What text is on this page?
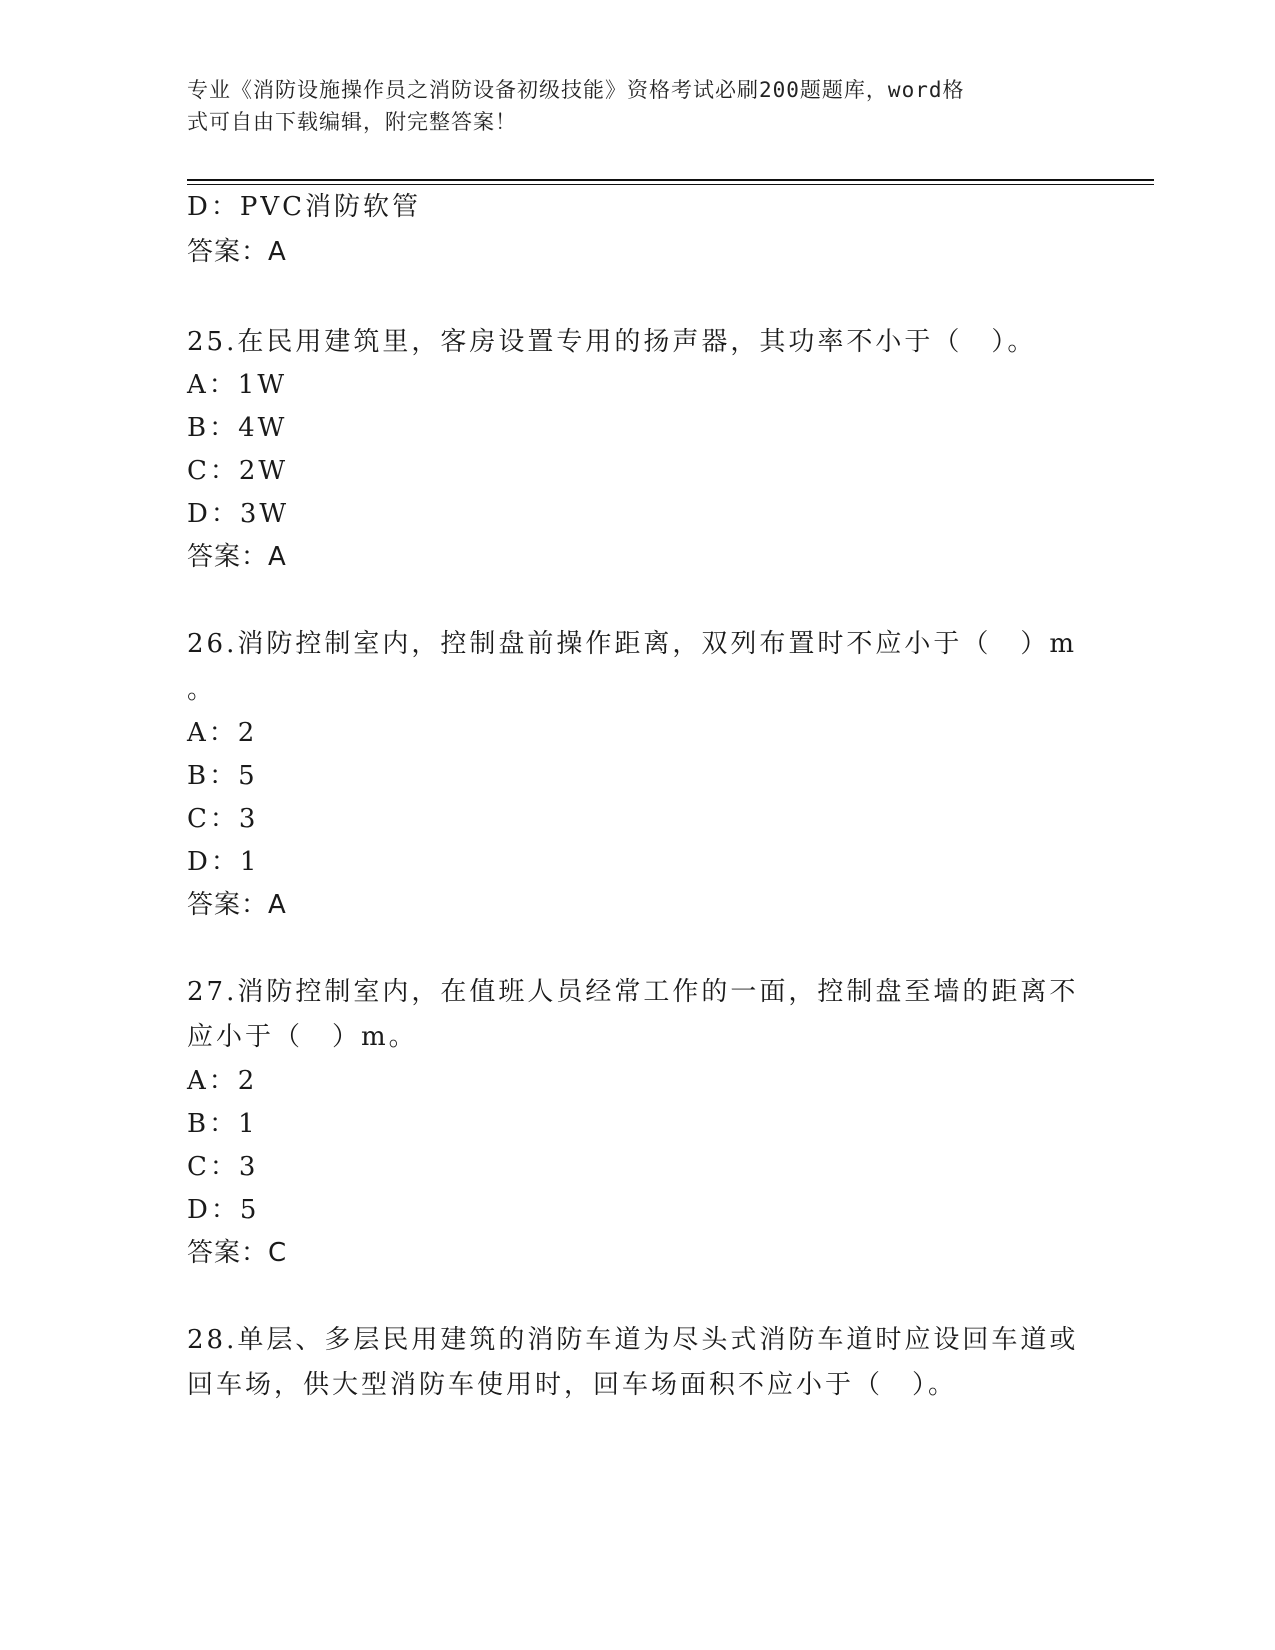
专业《消防设施操作员之消防设备初级技能》资格考试必刷200题题库，word格
式可自由下载编辑，附完整答案！
D：PVC消防软管
答案：A
25.在民用建筑里，客房设置专用的扬声器，其功率不小于（　）。
A：1W
B：4W
C：2W
D：3W
答案：A
26.消防控制室内，控制盘前操作距离，双列布置时不应小于（　）m
。
A：2
B：5
C：3
D：1
答案：A
27.消防控制室内，在值班人员经常工作的一面，控制盘至墙的距离不
应小于（　）m。
A：2
B：1
C：3
D：5
答案：C
28.单层、多层民用建筑的消防车道为尽头式消防车道时应设回车道或
回车场，供大型消防车使用时，回车场面积不应小于（　）。
